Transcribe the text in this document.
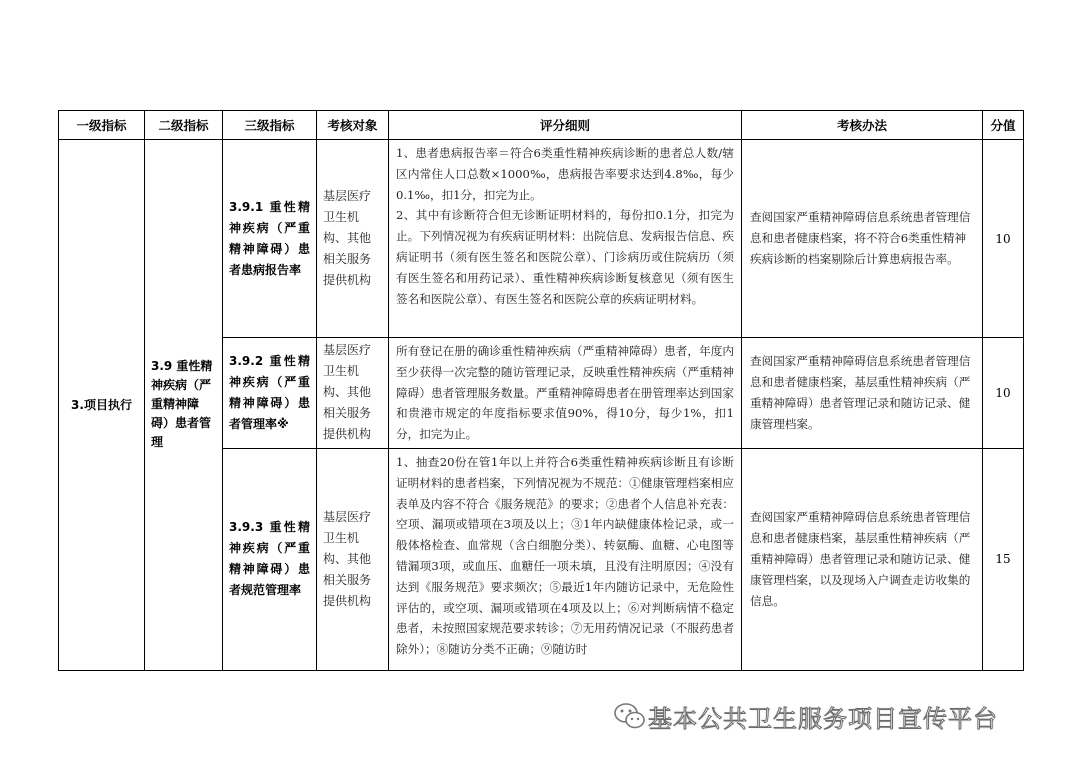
一级指标	二级指标	三级指标	考核对象	评分细则	考核办法	分值
3.项目执行	3.9 重性精神疾病（严重精神障碍）患者管理	3.9.1 重性精神疾病（严重精神障碍）患者患病报告率	基层医疗卫生机构、其他相关服务提供机构	1、患者患病报告率＝符合6类重性精神疾病诊断的患者总人数/辖区内常住人口总数×1000‰，患病报告率要求达到4.8‰，每少0.1‰，扣1分，扣完为止。
2、其中有诊断符合但无诊断证明材料的，每份扣0.1分，扣完为止。下列情况视为有疾病证明材料：出院信息、发病报告信息、疾病证明书（须有医生签名和医院公章）、门诊病历或住院病历（须有医生签名和用药记录）、重性精神疾病诊断复核意见（须有医生签名和医院公章）、有医生签名和医院公章的疾病证明材料。	查阅国家严重精神障碍信息系统患者管理信息和患者健康档案，将不符合6类重性精神疾病诊断的档案剔除后计算患病报告率。	10
		3.9.2 重性精神疾病（严重精神障碍）患者管理率※	基层医疗卫生机构、其他相关服务提供机构	所有登记在册的确诊重性精神疾病（严重精神障碍）患者，年度内至少获得一次完整的随访管理记录，反映重性精神疾病（严重精神障碍）患者管理服务数量。严重精神障碍患者在册管理率达到国家和贵港市规定的年度指标要求值90%，得10分，每少1%，扣1分，扣完为止。	查阅国家严重精神障碍信息系统患者管理信息和患者健康档案，基层重性精神疾病（严重精神障碍）患者管理记录和随访记录、健康管理档案。	10
		3.9.3 重性精神疾病（严重精神障碍）患者规范管理率	基层医疗卫生机构、其他相关服务提供机构	1、抽查20份在管1年以上并符合6类重性精神疾病诊断且有诊断证明材料的患者档案，下列情况视为不规范：①健康管理档案相应表单及内容不符合《服务规范》的要求；②患者个人信息补充表：空项、漏项或错项在3项及以上；③1年内缺健康体检记录，或一般体格检查、血常规（含白细胞分类）、转氨酶、血糖、心电图等错漏项3项，或血压、血糖任一项未填，且没有注明原因；④没有达到《服务规范》要求频次；⑤最近1年内随访记录中，无危险性评估的，或空项、漏项或错项在4项及以上；⑥对判断病情不稳定患者，未按照国家规范要求转诊；⑦无用药情况记录（不服药患者除外）；⑧随访分类不正确；⑨随访时	查阅国家严重精神障碍信息系统患者管理信息和患者健康档案，基层重性精神疾病（严重精神障碍）患者管理记录和随访记录、健康管理档案，以及现场入户调查走访收集的信息。	15
基本公共卫生服务项目宣传平台
